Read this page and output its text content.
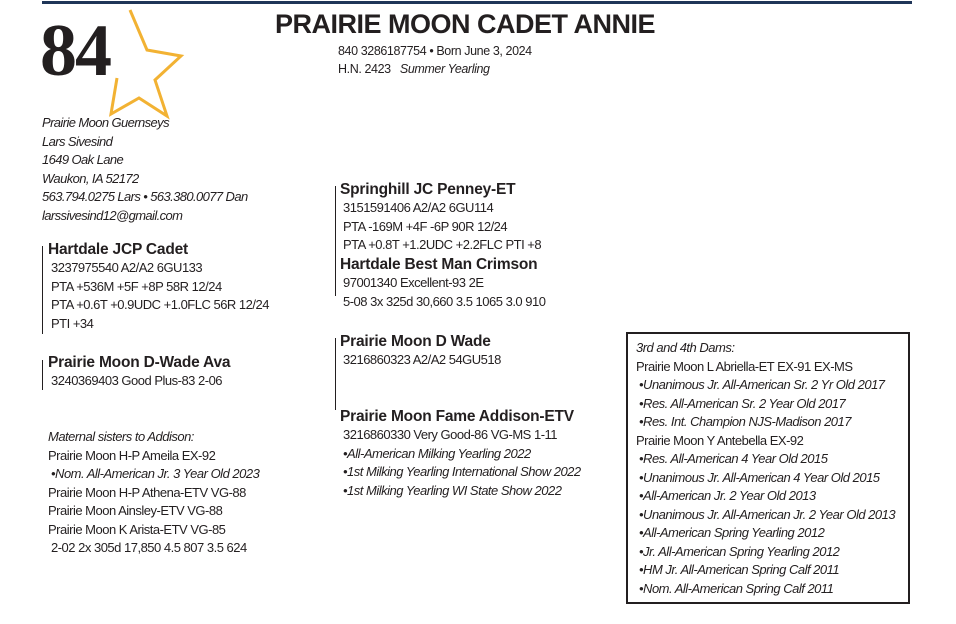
84	PRAIRIE MOON CADET ANNIE
840 3286187754 • Born June 3, 2024
H.N. 2423 Summer Yearling
Prairie Moon Guernseys
Lars Sivesind
1649 Oak Lane
Waukon, IA 52172
563.794.0275 Lars • 563.380.0077 Dan
larssivesind12@gmail.com
Hartdale JCP Cadet
3237975540 A2/A2 6GU133
PTA +536M +5F +8P 58R 12/24
PTA +0.6T +0.9UDC +1.0FLC 56R 12/24
PTI +34
Prairie Moon D-Wade Ava
3240369403 Good Plus-83 2-06
Maternal sisters to Addison:
Prairie Moon H-P Ameila EX-92
•Nom. All-American Jr. 3 Year Old 2023
Prairie Moon H-P Athena-ETV VG-88
Prairie Moon Ainsley-ETV VG-88
Prairie Moon K Arista-ETV VG-85
2-02 2x 305d 17,850 4.5 807 3.5 624
Springhill JC Penney-ET
3151591406 A2/A2 6GU114
PTA -169M +4F -6P 90R 12/24
PTA +0.8T +1.2UDC +2.2FLC PTI +8
Hartdale Best Man Crimson
97001340 Excellent-93 2E
5-08 3x 325d 30,660 3.5 1065 3.0 910
Prairie Moon D Wade
3216860323 A2/A2 54GU518
Prairie Moon Fame Addison-ETV
3216860330 Very Good-86 VG-MS 1-11
•All-American Milking Yearling 2022
•1st Milking Yearling International Show 2022
•1st Milking Yearling WI State Show 2022
3rd and 4th Dams:
Prairie Moon L Abriella-ET EX-91 EX-MS
•Unanimous Jr. All-American Sr. 2 Yr Old 2017
•Res. All-American Sr. 2 Year Old 2017
•Res. Int. Champion NJS-Madison 2017
Prairie Moon Y Antebella EX-92
•Res. All-American 4 Year Old 2015
•Unanimous Jr. All-American 4 Year Old 2015
•All-American Jr. 2 Year Old 2013
•Unanimous Jr. All-American Jr. 2 Year Old 2013
•All-American Spring Yearling 2012
•Jr. All-American Spring Yearling 2012
•HM Jr. All-American Spring Calf 2011
•Nom. All-American Spring Calf 2011
